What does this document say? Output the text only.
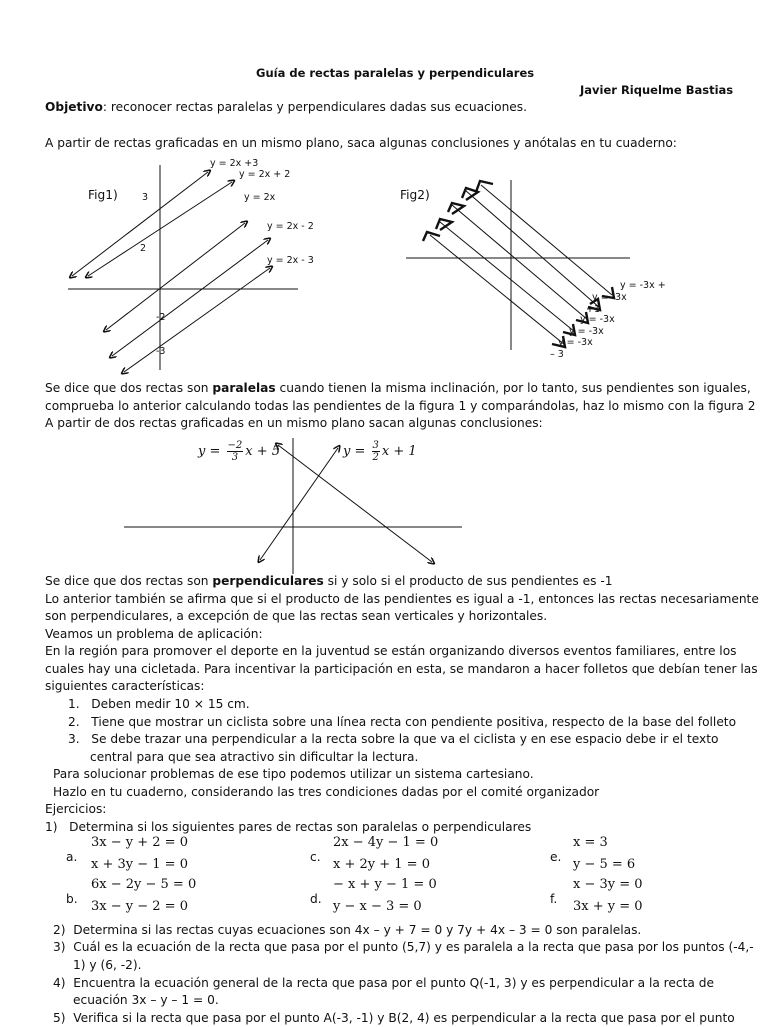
Guía de rectas paralelas y perpendiculares
Javier Riquelme Bastias
Objetivo: reconocer rectas paralelas y perpendiculares dadas sus ecuaciones.
A partir de rectas graficadas en un mismo plano, saca algunas conclusiones y anótalas en tu cuaderno:
Fig1)
y = 2x +3
y = 2x + 2
y = 2x
y = 2x - 2
y = 2x - 3
3
2
-2
-3
Fig2)
y = -3x +
y = -3x
+1
y = -3x
y = -3x
y = -3x
– 3
Se dice que dos rectas son paralelas cuando tienen la misma inclinación, por lo tanto, sus pendientes son iguales,
comprueba lo anterior calculando todas las pendientes de la figura 1 y comparándolas, haz lo mismo con la figura 2
A partir de dos rectas graficadas en un mismo plano sacan algunas conclusiones:
$y = \frac{-2}{3}$ x + 5	$y = \frac{3}{2}$ x + 1
Se dice que dos rectas son perpendiculares si y solo si el producto de sus pendientes es -1
Lo anterior también se afirma que si el producto de las pendientes es igual a -1, entonces las rectas necesariamente
son perpendiculares, a excepción de que las rectas sean verticales y horizontales.
Veamos un problema de aplicación:
En la región para promover el deporte en la juventud se están organizando diversos eventos familiares, entre los
cuales hay una cicletada. Para incentivar la participación en esta, se mandaron a hacer folletos que debían tener las
siguientes características:
1. Deben medir 10 × 15 cm.
2. Tiene que mostrar un ciclista sobre una línea recta con pendiente positiva, respecto de la base del folleto
3. Se debe trazar una perpendicular a la recta sobre la que va el ciclista y en ese espacio debe ir el texto
central para que sea atractivo sin dificultar la lectura.
Para solucionar problemas de ese tipo podemos utilizar un sistema cartesiano.
Hazlo en tu cuaderno, considerando las tres condiciones dadas por el comité organizador
Ejercicios:
1) Determina si los siguientes pares de rectas son paralelas o perpendiculares
a.
3x − y + 2 = 0
x + 3y − 1 = 0	c.
2x − 4y − 1 = 0
x + 2y + 1 = 0	e.
x = 3
y − 5 = 6
b.
6x − 2y − 5 = 0
3x − y − 2 = 0	d.
− x + y − 1 = 0
y − x − 3 = 0	f.
x − 3y = 0
3x + y = 0
2) Determina si las rectas cuyas ecuaciones son 4x – y + 7 = 0 y 7y + 4x – 3 = 0 son paralelas.
3) Cuál es la ecuación de la recta que pasa por el punto (5,7) y es paralela a la recta que pasa por los puntos (-4,-
1) y (6, -2).
4) Encuentra la ecuación general de la recta que pasa por el punto Q(-1, 3) y es perpendicular a la recta de
ecuación 3x – y – 1 = 0.
5) Verifica si la recta que pasa por el punto A(-3, -1) y B(2, 4) es perpendicular a la recta que pasa por el punto
